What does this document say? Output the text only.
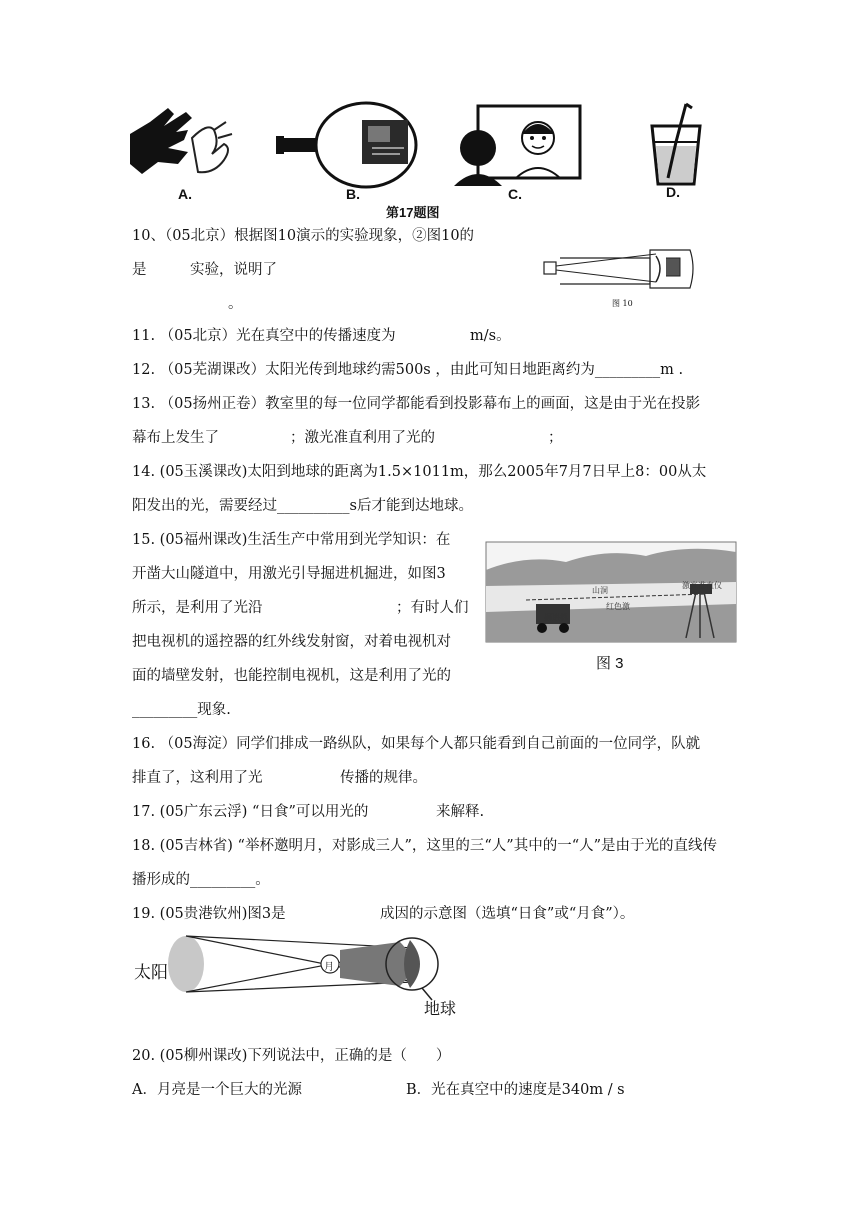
A.	B.	C.	D.
第17题图
10、（05北京）根据图10演示的实验现象，②图10的
是	实验，说明了
。	图 10
11. （05北京）光在真空中的传播速度为	m/s。
12. （05芜湖课改）太阳光传到地球约需500s ，由此可知日地距离约为_________m .
13. （05扬州正卷）教室里的每一位同学都能看到投影幕布上的画面，这是由于光在投影
幕布上发生了	；激光准直利用了光的	；
14. (05玉溪课改)太阳到地球的距离为1.5×1011m，那么2005年7月7日早上8：00从太
阳发出的光，需要经过__________s后才能到达地球。
15. (05福州课改)生活生产中常用到光学知识：在
开凿大山隧道中，用激光引导掘进机掘进，如图3
所示，是利用了光沿	；有时人们
把电视机的遥控器的红外线发射窗，对着电视机对
面的墙壁发射，也能控制电视机，这是利用了光的
_________现象.
山洞
激光准直仪
红色激
掘进机
图 3
16. （05海淀）同学们排成一路纵队，如果每个人都只能看到自己前面的一位同学，队就
排直了，这利用了光	传播的规律。
17. (05广东云浮) “日食”可以用光的	来解释.
18. (05吉林省) “举杯邀明月，对影成三人”，这里的三“人”其中的一“人”是由于光的直线传
播形成的_________。
19. (05贵港钦州)图3是	成因的示意图（选填“日食”或“月食”）。
太阳	月
地球
20. (05柳州课改)下列说法中，正确的是（　　）
A．月亮是一个巨大的光源	B．光在真空中的速度是340m / s
